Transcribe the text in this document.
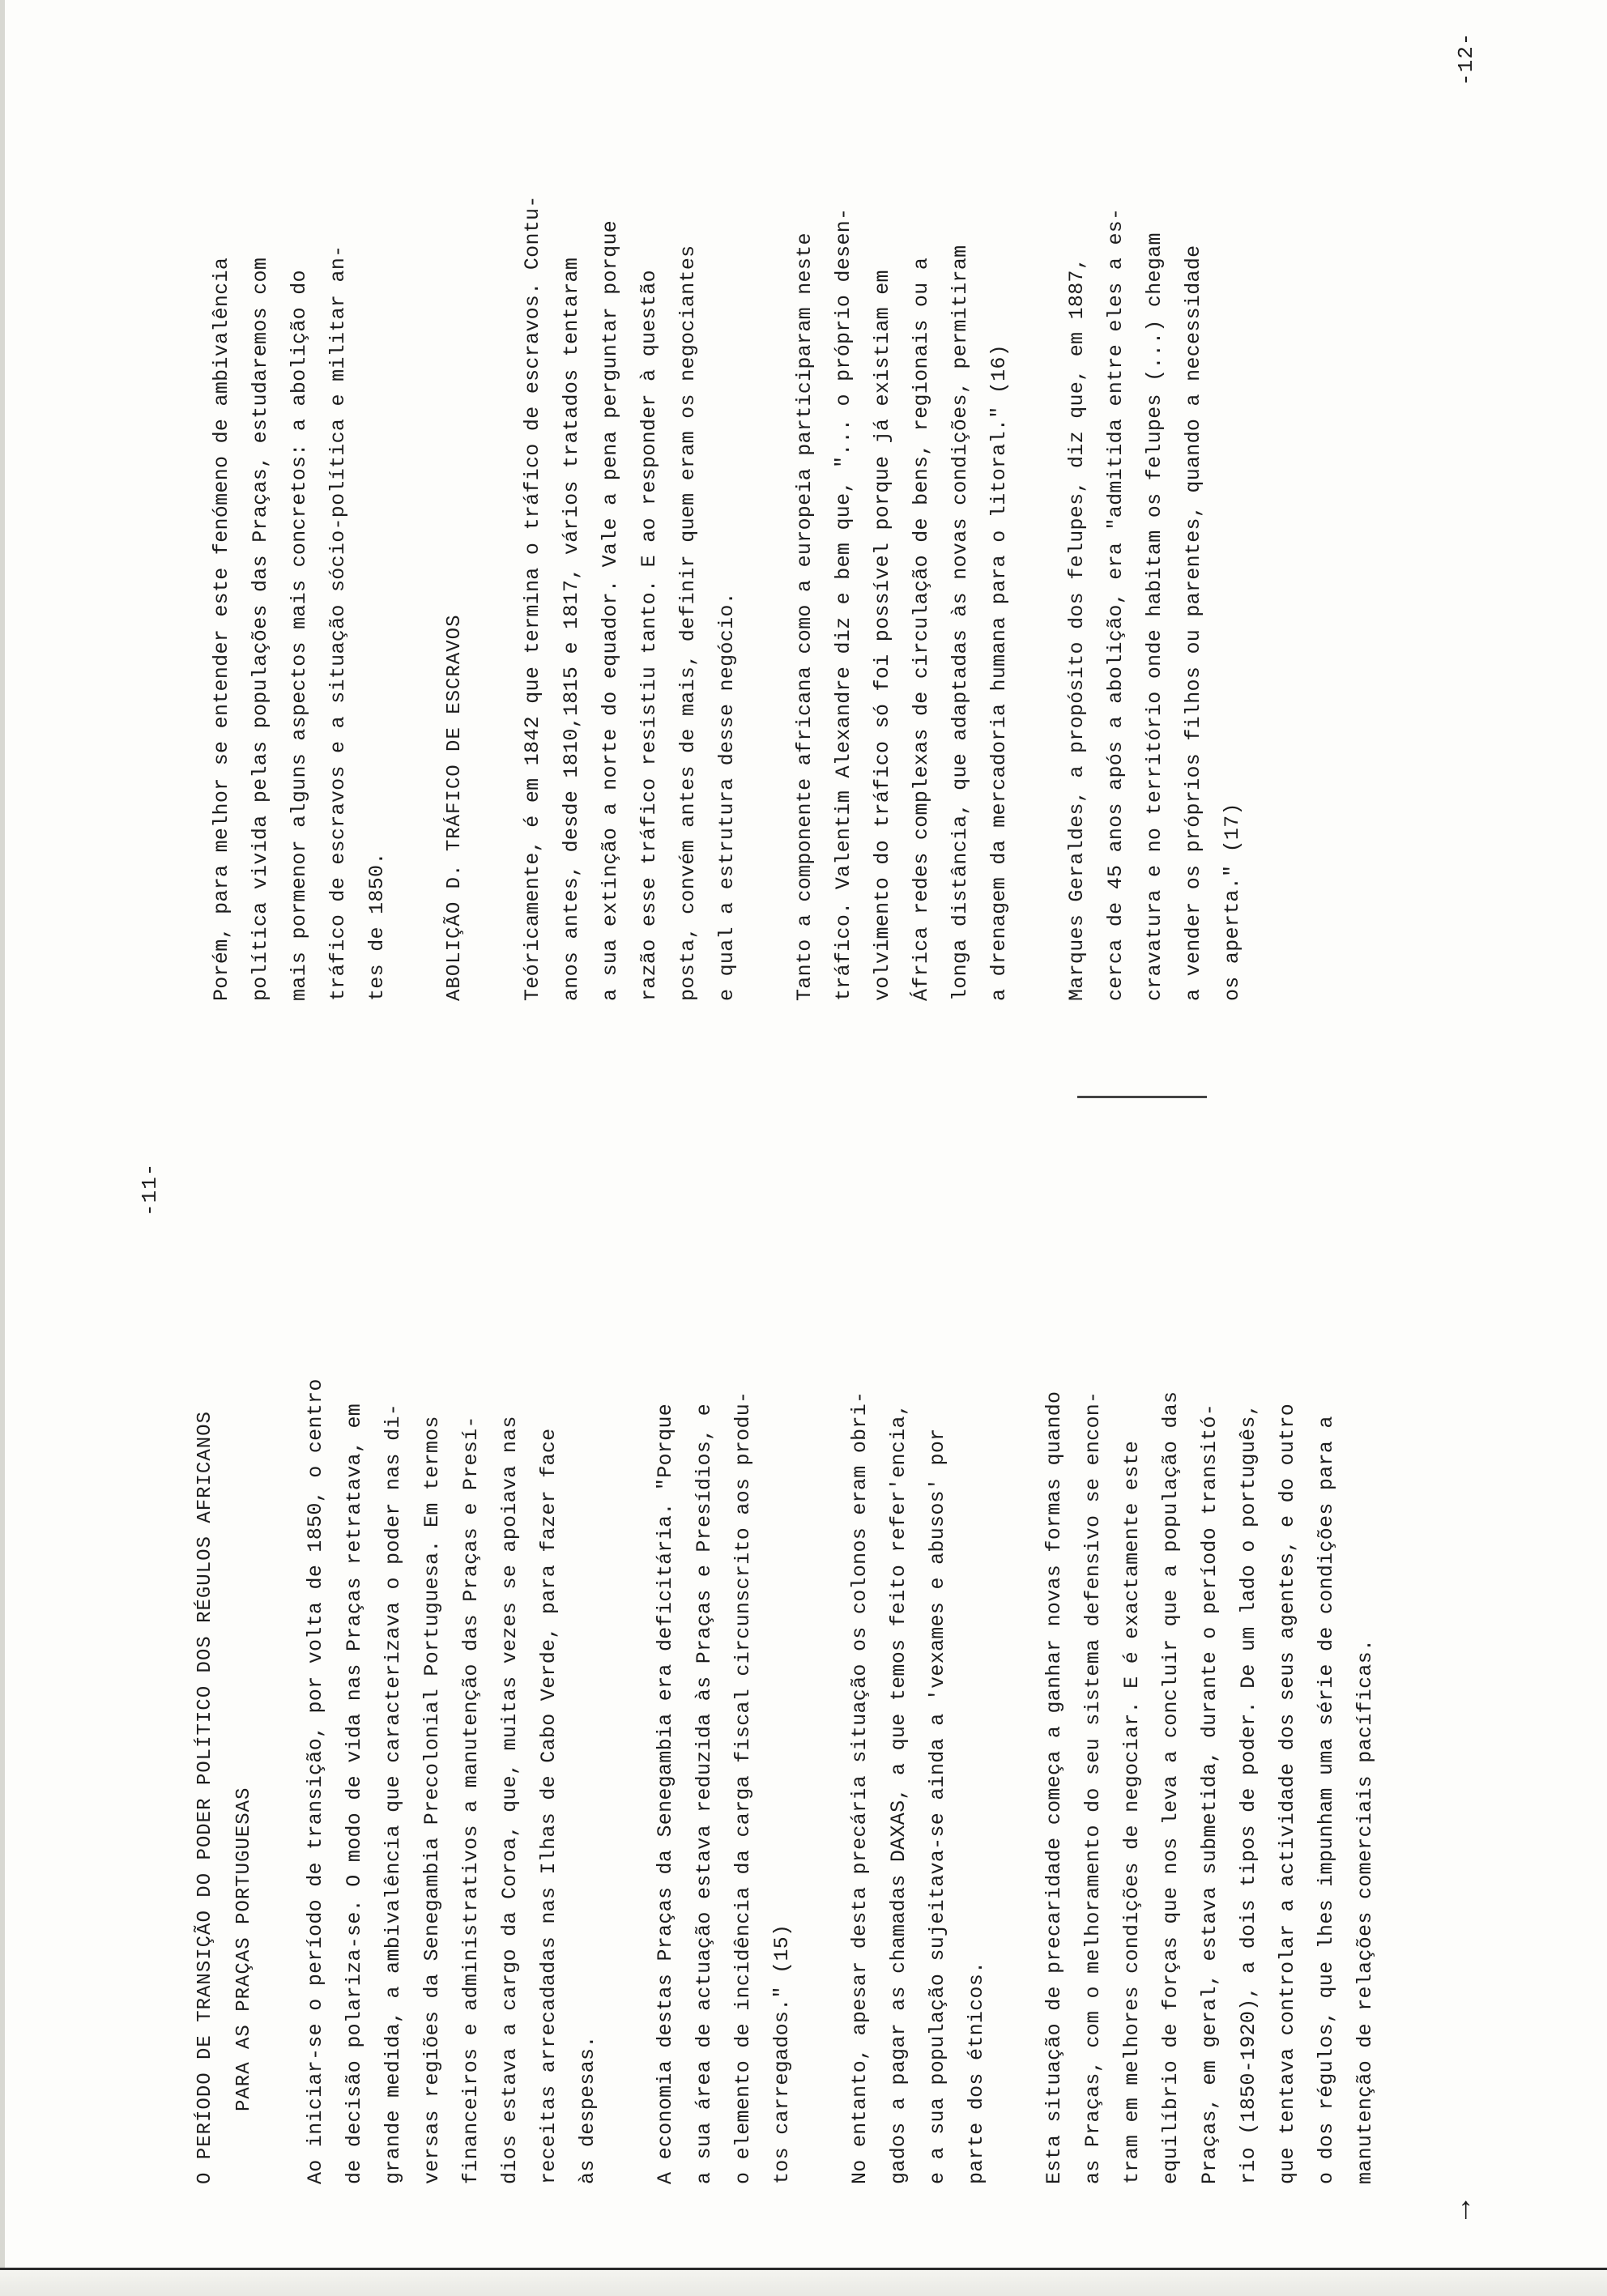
-11-
O PERÍODO DE TRANSIÇÃO DO PODER POLÍTICO DOS RÉGULOS AFRICANOS PARA AS PRAÇAS PORTUGUESAS	Ao iniciar-se o período de transição, por volta de 1850, o centro de decisão polariza-se. O modo de vida nas Praças retratava, em grande medida, a ambivalência que caracterizava o poder nas di- versas regiões da Senegambia Precolonial Portuguesa. Em termos financeiros e administrativos a manutenção das Praças e Presí- dios estava a cargo da Coroa, que, muitas vezes se apoiava nas receitas arrecadadas nas Ilhas de Cabo Verde, para fazer face às despesas.	A economia destas Praças da Senegambia era deficitária. "Porque a sua área de actuação estava reduzida às Praças e Presídios, e o elemento de incidência da carga fiscal circunscrito aos produ- tos carregados." (15)	No entanto, apesar desta precária situação os colonos eram obri- gados a pagar as chamadas DAXAS, a que temos feito refer'encia, e a sua população sujeitava-se ainda a 'vexames e abusos' por parte dos étnicos.	Esta situação de precaridade começa a ganhar novas formas quando as Praças, com o melhoramento do seu sistema defensivo se encon- tram em melhores condições de negociar. E é exactamente este equilíbrio de forças que nos leva a concluir que a população das Praças, em geral, estava submetida, durante o período transitó- rio (1850-1920), a dois tipos de poder. De um lado o português, que tentava controlar a actividade dos seus agentes, e do outro o dos régulos, que lhes impunham uma série de condições para a manutenção de relações comerciais pacíficas.
→
-12-
Porém, para melhor se entender este fenómeno de ambivalência política vivida pelas populações das Praças, estudaremos com mais pormenor alguns aspectos mais concretos: a abolição do tráfico de escravos e a situação sócio-política e militar an- tes de 1850.	ABOLIÇÃO D. TRÁFICO DE ESCRAVOS	Teóricamente, é em 1842 que termina o tráfico de escravos. Contu- anos antes, desde 1810,1815 e 1817, vários tratados tentaram a sua extinção a norte do equador. Vale a pena perguntar porque razão esse tráfico resistiu tanto. E ao responder à questão posta, convém antes de mais, definir quem eram os negociantes e qual a estrutura desse negócio.	Tanto a componente africana como a europeia participaram neste tráfico. Valentim Alexandre diz e bem que, "... o próprio desen- volvimento do tráfico só foi possível porque já existiam em África redes complexas de circulação de bens, regionais ou a longa distância, que adaptadas às novas condições, permitiram a drenagem da mercadoria humana para o litoral." (16)	Marques Geraldes, a propósito dos felupes, diz que, em 1887, cerca de 45 anos após a abolição, era "admitida entre eles a es- cravatura e no território onde habitam os felupes (...) chegam a vender os próprios filhos ou parentes, quando a necessidade os aperta." (17)
